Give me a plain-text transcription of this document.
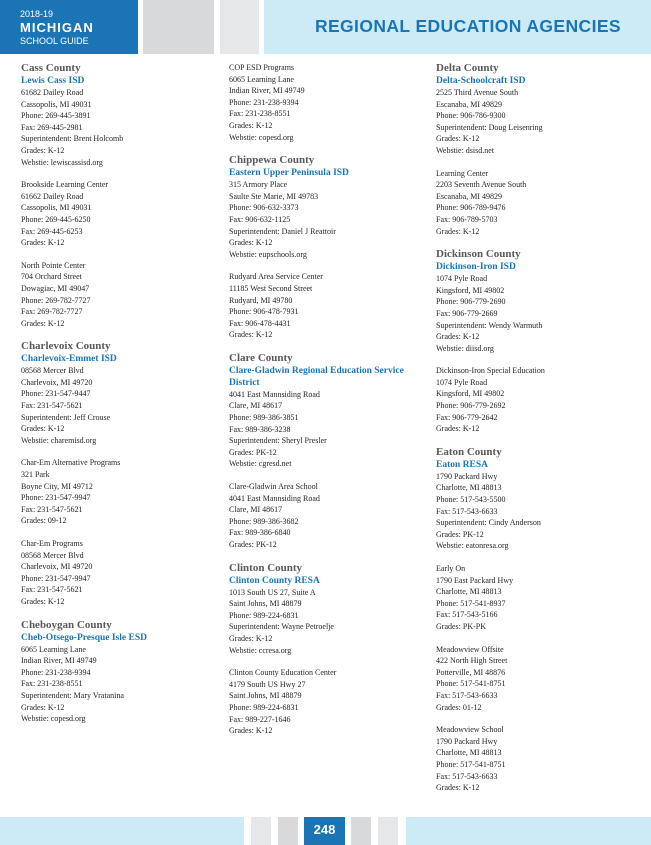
2018-19
MICHIGAN
SCHOOL GUIDE
REGIONAL EDUCATION AGENCIES
Cass County
Lewis Cass ISD
61682 Dailey Road
Cassopolis, MI 49031
Phone: 269-445-3891
Fax: 269-445-2981
Superintendent: Brent Holcomb
Grades: K-12
Webstie: lewiscassisd.org
Brookside Learning Center
61662 Dailey Road
Cassopolis, MI 49031
Phone: 269-445-6250
Fax: 269-445-6253
Grades: K-12
North Pointe Center
704 Orchard Street
Dowagiac, MI 49047
Phone: 269-782-7727
Fax: 269-782-7727
Grades: K-12
Charlevoix County
Charlevoix-Emmet ISD
08568 Mercer Blvd
Charlevoix, MI 49720
Phone: 231-547-9447
Fax: 231-547-5621
Superintendent: Jeff Crouse
Grades: K-12
Webstie: charemisd.org
Char-Em Alternative Programs
321 Park
Boyne City, MI 49712
Phone: 231-547-9947
Fax: 231-547-5621
Grades: 09-12
Char-Em Programs
08568 Mercer Blvd
Charlevoix, MI 49720
Phone: 231-547-9947
Fax: 231-547-5621
Grades: K-12
Cheboygan County
Cheb-Otsego-Presque Isle ESD
6065 Learning Lane
Indian River, MI 49749
Phone: 231-238-9394
Fax: 231-238-8551
Superintendent: Mary Vratanina
Grades: K-12
Webstie: copesd.org
COP ESD Programs
6065 Learning Lane
Indian River, MI 49749
Phone: 231-238-9394
Fax: 231-238-8551
Grades: K-12
Webstie: copesd.org
Chippewa County
Eastern Upper Peninsula ISD
315 Armory Place
Saulte Ste Marie, MI 49783
Phone: 906-632-3373
Fax: 906-632-1125
Superintendent: Daniel J Reattoir
Grades: K-12
Webstie: eupschools.org
Rudyard Area Service Center
11185 West Second Street
Rudyard, MI 49780
Phone: 906-478-7931
Fax: 906-478-4431
Grades: K-12
Clare County
Clare-Gladwin Regional Education Service District
4041 East Mannsiding Road
Clare, MI 48617
Phone: 989-386-3851
Fax: 989-386-3238
Superintendent: Sheryl Presler
Grades: PK-12
Webstie: cgresd.net
Clare-Gladwin Area School
4041 East Mannsiding Road
Clare, MI 48617
Phone: 989-386-3682
Fax: 989-386-6840
Grades: PK-12
Clinton County
Clinton County RESA
1013 South US 27, Suite A
Saint Johns, MI 48879
Phone: 989-224-6831
Superintendent: Wayne Petroelje
Grades: K-12
Webstie: ccresa.org
Clinton County Education Center
4179 South US Hwy 27
Saint Johns, MI 48879
Phone: 989-224-6831
Fax: 989-227-1646
Grades: K-12
Delta County
Delta-Schoolcraft ISD
2525 Third Avenue South
Escanaba, MI 49829
Phone: 906-786-9300
Superintendent: Doug Leisenring
Grades: K-12
Webstie: dsisd.net
Learning Center
2203 Seventh Avenue South
Escanaba, MI 49829
Phone: 906-789-9476
Fax: 906-789-5703
Grades: K-12
Dickinson County
Dickinson-Iron ISD
1074 Pyle Road
Kingsford, MI 49802
Phone: 906-779-2690
Fax: 906-779-2669
Superintendent: Wendy Warmuth
Grades: K-12
Webstie: diisd.org
Dickinson-Iron Special Education
1074 Pyle Road
Kingsford, MI 49802
Phone: 906-779-2692
Fax: 906-779-2642
Grades: K-12
Eaton County
Eaton RESA
1790 Packard Hwy
Charlotte, MI 48813
Phone: 517-543-5500
Fax: 517-543-6633
Superintendent: Cindy Anderson
Grades: PK-12
Webstie: eatonresa.org
Early On
1790 East Packard Hwy
Charlotte, MI 48813
Phone: 517-541-8937
Fax: 517-543-5166
Grades: PK-PK
Meadowview Offsite
422 North High Street
Potterville, MI 48876
Phone: 517-541-8751
Fax: 517-543-6633
Grades: 01-12
Meadowview School
1790 Packard Hwy
Charlotte, MI 48813
Phone: 517-541-8751
Fax: 517-543-6633
Grades: K-12
248
